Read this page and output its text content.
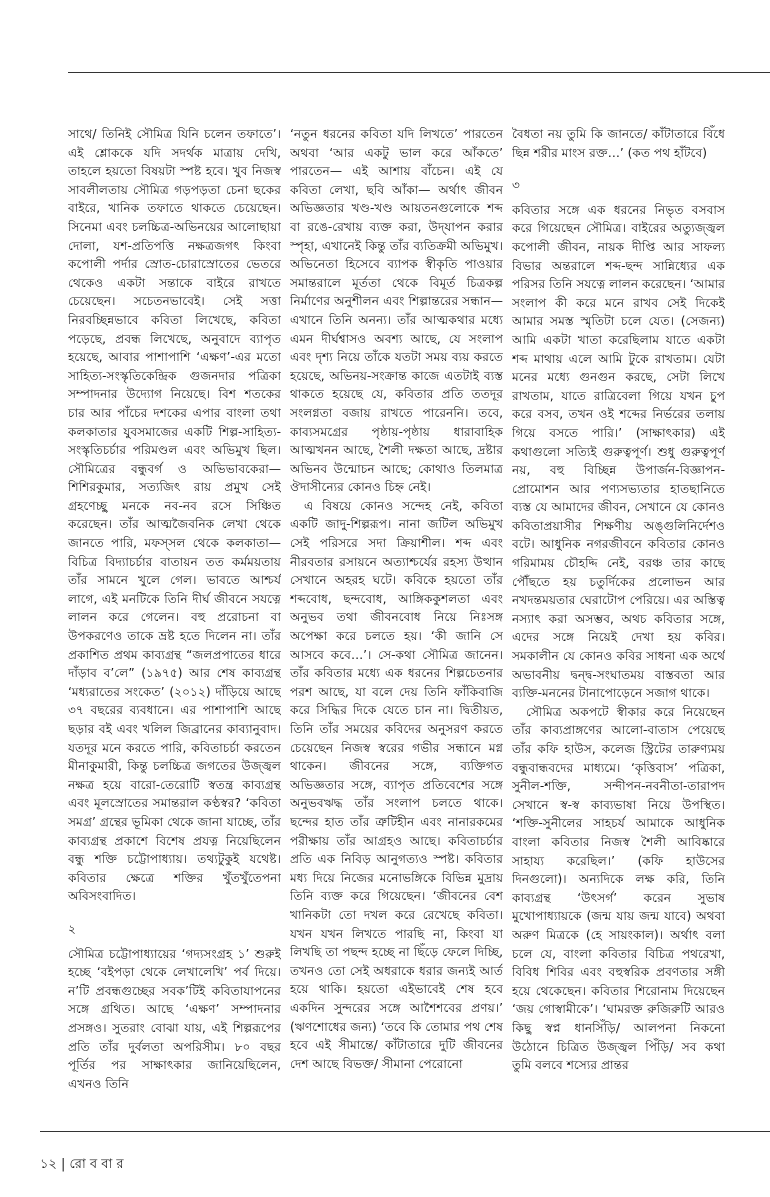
সাথে/ তিনিই সৌমিত্র যিনি চলেন তফাতে’। এই শ্লোককে যদি সদর্থক মাত্রায় দেখি, তাহলে হয়তো বিষয়টা স্পষ্ট হবে। খুব নিজস্ব সাবলীলতায় সৌমিত্র গড়পড়তা চেনা ছকের বাইরে, খানিক তফাতে থাকতে চেয়েছেন। সিনেমা এবং চলচ্চিত্র-অভিনয়ের আলোছায়া দোলা, যশ-প্রতিপত্তি নক্ষত্রজগৎ কিংবা কপোলী পর্দার স্রোত-চোরাস্রোতের ভেতরে থেকেও একটা সন্তাকে বাইরে রাখতে চেয়েছেন। সচেতনভাবেই। সেই সত্তা নিরবচ্ছিন্নভাবে কবিতা লিখেছে, কবিতা পড়েছে, প্রবন্ধ লিখেছে, অনুবাদে ব্যাপৃত হয়েছে, আবার পাশাপাশি ‘এক্ষণ’-এর মতো সাহিত্য-সংস্কৃতিকেন্দ্রিক গুজনদার পত্রিকা সম্পাদনার উদ্যোগ নিয়েছে। বিশ শতকের চার আর পাঁচের দশকের এপার বাংলা তথা কলকাতার যুবসমাজের একটি শিল্প-সাহিত্য-সংস্কৃতিচর্চার পরিমণ্ডল এবং অভিমুখ ছিল। সৌমিত্রের বন্ধুবর্গ ও অভিভাবকেরা— শিশিরকুমার, সত্যজিৎ রায় প্রমুখ সেই গ্রহণেচ্ছু মনকে নব-নব রসে সিঞ্চিত করেছেন। তাঁর আত্মজৈবনিক লেখা থেকে জানতে পারি, মফস্সল থেকে কলকাতা— বিচিত্র বিদ্যাচর্চার বাতায়ন তত কর্মময়তায় তাঁর সামনে খুলে গেল। ভাবতে আশ্চর্য লাগে, এই মনটিকে তিনি দীর্ঘ জীবনে সযত্নে লালন করে গেলেন। বহু প্ররোচনা বা উপকরণেও তাকে ভ্রষ্ট হতে দিলেন না। তাঁর প্রকাশিত প্রথম কাব্যগ্রন্থ “জলপ্রপাতের ধারে দাঁড়াব ব’লে” (১৯৭৫) আর শেষ কাব্যগ্রন্থ ‘মধ্যরাতের সংকেত’ (২০১২) দাঁড়িয়ে আছে ৩৭ বছরের ব্যবধানে। এর পাশাপাশি আছে ছড়ার বই এবং খলিল জিব্রানের কাব্যানুবাদ। যতদূর মনে করতে পারি, কবিতাচর্চা করতেন মীনাকুমারী, কিন্তু চলচ্চিত্র জগতের উজ্জ্বল নক্ষত্র হয়ে বারো-তেরোটি স্বতন্ত্র কাব্যগ্রন্থ এবং মূলস্রোতের সমান্তরাল কণ্ঠস্বর? ‘কবিতা সমগ্র’ গ্রন্থের ভূমিকা থেকে জানা যাচ্ছে, তাঁর কাব্যগ্রন্থ প্রকাশে বিশেষ প্রযত্ন নিয়েছিলেন বন্ধু শক্তি চট্টোপাধ্যায়। তথ্যটুকুই যথেষ্ট। কবিতার ক্ষেত্রে শক্তির খুঁতখুঁতেপনা অবিসংবাদিত।

২

সৌমিত্র চট্টোপাধ্যায়ের ‘গদ্যসংগ্রহ ১’ শুরুই হচ্ছে ‘বইপড়া থেকে লেখালেখি’ পর্ব দিয়ে। ন’টি প্রবন্ধগুচ্ছের সবক’টিই কবিতাযাপনের সঙ্গে গ্রথিত। আছে ‘এক্ষণ’ সম্পাদনার প্রসঙ্গও। সুতরাং বোঝা যায়, এই শিল্পরূপের প্রতি তাঁর দুর্বলতা অপরিসীম। ৮০ বছর পূর্তির পর সাক্ষাৎকার জানিয়েছিলেন, এখনও তিনি

‘নতুন ধরনের কবিতা যদি লিখতে’ পারতেন অথবা ‘আর একটু ভাল করে আঁকতে’ পারতেন— এই আশায় বাঁচেন। এই যে কবিতা লেখা, ছবি আঁকা— অর্থাৎ জীবন অভিজ্ঞতার খণ্ড-খণ্ড আয়তনগুলোকে শব্দ বা রঙে-রেখায় ব্যক্ত করা, উদ্‌যাপন করার স্পৃহা, এখানেই কিন্তু তাঁর ব্যতিক্রমী অভিমুখ। অভিনেতা হিসেবে ব্যাপক স্বীকৃতি পাওয়ার সমান্তরালে মূর্ততা থেকে বিমূর্ত চিত্রকল্প নির্মাণের অনুশীলন এবং শিল্পান্তরের সন্ধান— এখানে তিনি অনন্য। তাঁর আত্মকথার মধ্যে এমন দীর্ঘশ্বাসও অবশ্য আছে, যে সংলাপ এবং দৃশ্য নিয়ে তাঁকে যতটা সময় ব্যয় করতে হয়েছে, অভিনয়-সংক্রান্ত কাজে এতটাই ব্যস্ত থাকতে হয়েছে যে, কবিতার প্রতি ততদূর সংলগ্নতা বজায় রাখতে পারেননি। তবে, কাব্যসমগ্রের পৃষ্ঠায়-পৃষ্ঠায় ধারাবাহিক আত্মখনন আছে, শৈলী দক্ষতা আছে, দ্রষ্টার অভিনব উন্মোচন আছে; কোথাও তিলমাত্র ঔদাসীন্যের কোনও চিহ্ন নেই।

এ বিষয়ে কোনও সন্দেহ নেই, কবিতা একটি জাদু-শিল্পরূপ। নানা জটিল অভিমুখ সেই পরিসরে সদা ক্রিয়াশীল। শব্দ এবং নীরবতার রসায়নে অত্যাশ্চর্যের রহস্য উত্থান সেখানে অহরহ ঘটে। কবিকে হয়তো তাঁর শব্দবোধ, ছন্দবোধ, আঙ্গিককুশলতা এবং অনুভব তথা জীবনবোধ নিয়ে নিঃসঙ্গ অপেক্ষা করে চলতে হয়। ‘কী জানি সে আসবে কবে…’। সে-কথা সৌমিত্র জানেন। তাঁর কবিতার মধ্যে এক ধরনের শিল্পচেতনার পরশ আছে, যা বলে দেয় তিনি ফাঁকিবাজি করে সিদ্ধির দিকে যেতে চান না। দ্বিতীয়ত, তিনি তাঁর সময়ের কবিদের অনুসরণ করতে চেয়েছেন নিজস্ব স্বরের গভীর সন্ধানে মগ্ন থাকেন। জীবনের সঙ্গে, ব্যক্তিগত অভিজ্ঞতার সঙ্গে, ব্যাপৃত প্রতিবেশের সঙ্গে অনুভবঋদ্ধ তাঁর সংলাপ চলতে থাকে। ছন্দের হাত তাঁর ত্রুটিহীন এবং নানারকমের পরীক্ষায় তাঁর আগ্রহও আছে। কবিতাচর্চার প্রতি এক নিবিড় আনুগত্যও স্পষ্ট। কবিতার মধ্য দিয়ে নিজের মনোভঙ্গিকে বিভিন্ন মুদ্রায় তিনি ব্যক্ত করে গিয়েছেন। ‘জীবনের বেশ খানিকটা তো দখল করে রেখেছে কবিতা। যখন যখন লিখতে পারছি না, কিংবা যা লিখছি তা পছন্দ হচ্ছে না ছিঁড়ে ফেলে দিচ্ছি, তখনও তো সেই অধরাকে ধরার জন্যই আর্ত হয়ে থাকি। হয়তো এইভাবেই শেষ হবে একদিন সুন্দরের সঙ্গে আশৈশবের প্রণয়।’ (ঋণশোধের জন্য) ‘তবে কি তোমার পথ শেষ হবে এই সীমান্তে/ কাঁটাতারে দুটি জীবনের দেশ আছে বিভক্ত/ সীমানা পেরোনো

বৈধতা নয় তুমি কি জানতে/ কাঁটাতারে বিঁধে ছিন্ন শরীর মাংস রক্ত…’ (কত পথ হাঁটবে)

৩

কবিতার সঙ্গে এক ধরনের নিভৃত বসবাস করে গিয়েছেন সৌমিত্র। বাইরের অত্যুজ্জ্বল কপোলী জীবন, নায়ক দীপ্তি আর সাফল্য বিভার অন্তরালে শব্দ-ছন্দ সান্নিধ্যের এক পরিসর তিনি সযত্নে লালন করেছেন। ‘আমার সংলাপ কী করে মনে রাখব সেই দিকেই আমার সমস্ত স্মৃতিটা চলে যেত। (সেজন্য) আমি একটা খাতা করেছিলাম যাতে একটা শব্দ মাথায় এলে আমি টুকে রাখতাম। যেটা মনের মধ্যে গুনগুন করছে, সেটা লিখে রাখতাম, যাতে রাত্রিবেলা গিয়ে যখন চুপ করে বসব, তখন ওই শব্দের নির্ভরের তলায় গিয়ে বসতে পারি।’ (সাক্ষাৎকার) এই কথাগুলো সত্যিই গুরুত্বপূর্ণ। শুধু গুরুত্বপূর্ণ নয়, বহু বিচ্ছিন্ন উপার্জন-বিজ্ঞাপন-প্রোমোশন আর পণ্যসভ্যতার হাতছানিতে ব্যস্ত যে আমাদের জীবন, সেখানে যে কোনও কবিতাপ্রয়াসীর শিক্ষণীয় অঙ্গুলিনির্দেশও বটে। আধুনিক নগরজীবনে কবিতার কোনও গরিমাময় চৌহদ্দি নেই, বরঞ্চ তার কাছে পৌঁছতে হয় চতুর্দিকের প্রলোভন আর নখদন্তময়তার ঘেরাটোপ পেরিয়ে। এর অস্তিত্ব নস্যাৎ করা অসম্ভব, অথচ কবিতার সঙ্গে, এদের সঙ্গে নিয়েই দেখা হয় কবির। সমকালীন যে কোনও কবির সাধনা এক অর্থে অভাবনীয় দ্বন্দ্ব-সংঘাতময় বাস্তবতা আর ব্যক্তি-মননের টানাপোড়েনে সজাগ থাকে।

সৌমিত্র অকপটে স্বীকার করে নিয়েছেন তাঁর কাব্যপ্রাঙ্গণের আলো-বাতাস পেয়েছে তাঁর কফি হাউস, কলেজ স্ট্রিটের তারুণ্যময় বন্ধুবান্ধবদের মাধ্যমে। ‘কৃত্তিবাস’ পত্রিকা, সুনীল-শক্তি, সন্দীপন-নবনীতা-তারাপদ সেখানে স্ব-স্ব কাব্যভাষা নিয়ে উপস্থিত। ‘শক্তি-সুনীলের সাহচর্য আমাকে আধুনিক বাংলা কবিতার নিজস্ব শৈলী আবিষ্কারে সাহায্য করেছিল।’ (কফি হাউসের দিনগুলো)। অন্যদিকে লক্ষ করি, তিনি কাব্যগ্রন্থ ‘উৎসর্গ’ করেন সুভাষ মুখোপাধ্যায়কে (জন্ম যায় জন্ম যাবে) অথবা অরুণ মিত্রকে (হে সায়ংকাল)। অর্থাৎ বলা চলে যে, বাংলা কবিতার বিচিত্র পথরেখা, বিবিধ শিবির এবং বহুস্বরিক প্রবণতার সঙ্গী হয়ে থেকেছেন। কবিতার শিরোনাম দিয়েছেন ‘জয় গোস্বামীকে’। ‘ঘামরক্ত রুজিরুটি আরও কিছু স্বপ্ন ধানসিঁড়ি/ আলপনা নিকনো উঠোনে চিত্রিত উজ্জ্বল পিঁড়ি/ সব কথা তুমি বলবে শস্যের প্রান্তর

১২ | রো ব বা র
